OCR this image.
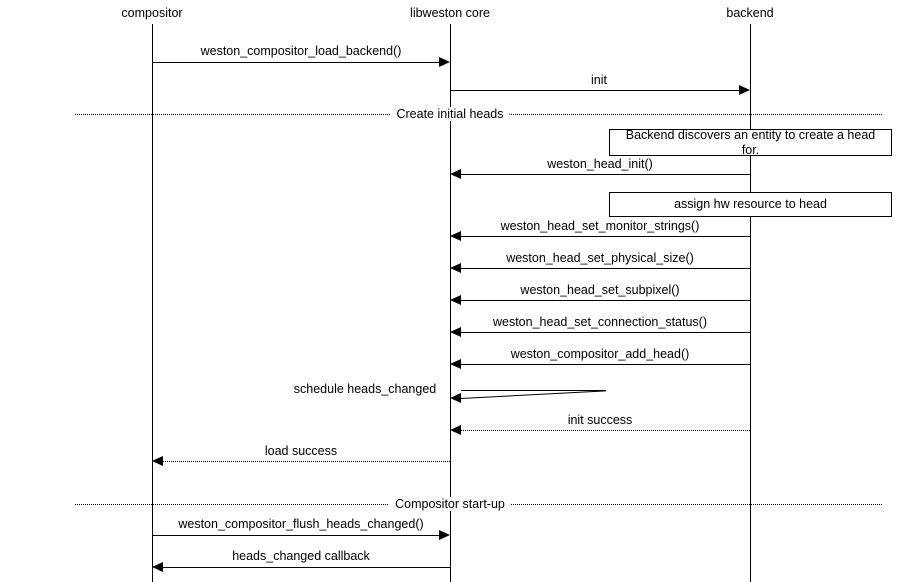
compositor	libweston core	backend
Create initial heads
Compositor start-up
Backend discovers an entity to create a head for.
assign hw resource to head
weston_compositor_load_backend()
init
weston_head_init()
weston_head_set_monitor_strings()
weston_head_set_physical_size()
weston_head_set_subpixel()
weston_head_set_connection_status()
weston_compositor_add_head()
schedule heads_changed
init success
load success
weston_compositor_flush_heads_changed()
heads_changed callback
